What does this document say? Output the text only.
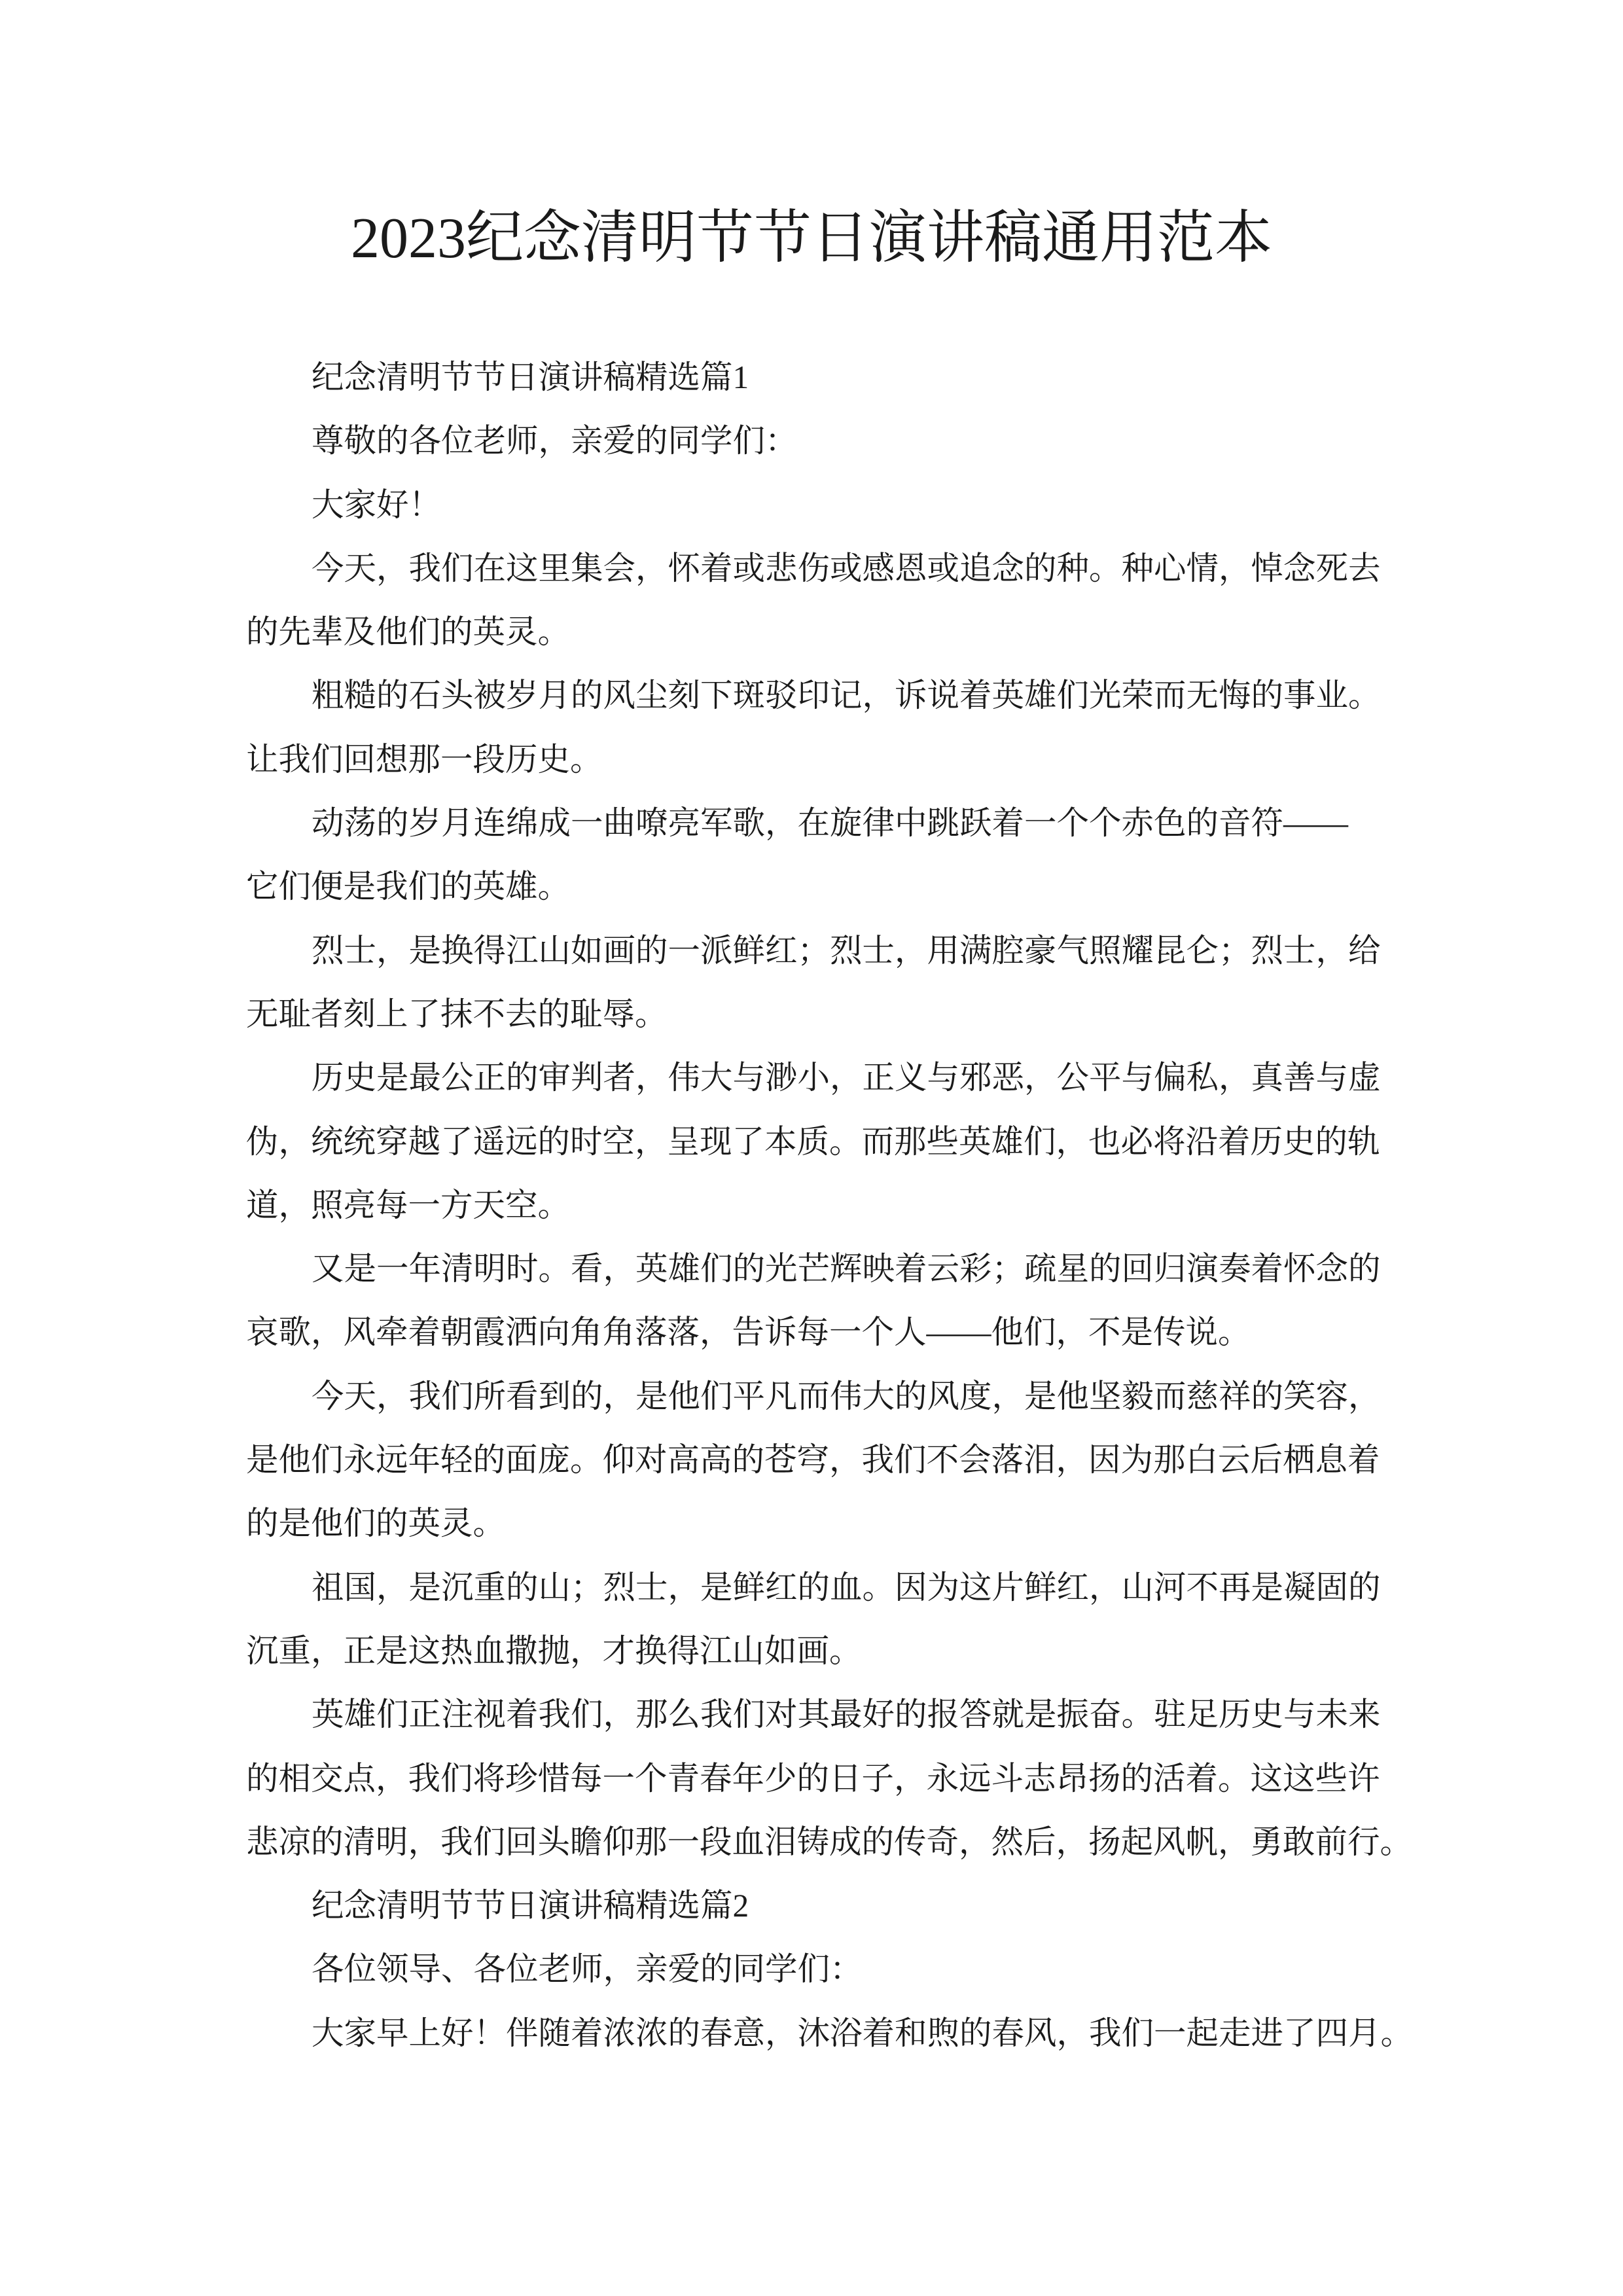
2023纪念清明节节日演讲稿通用范本
纪念清明节节日演讲稿精选篇1
尊敬的各位老师，亲爱的同学们：
大家好！
今天，我们在这里集会，怀着或悲伤或感恩或追念的种。种心情，悼念死去
的先辈及他们的英灵。
粗糙的石头被岁月的风尘刻下斑驳印记，诉说着英雄们光荣而无悔的事业。
让我们回想那一段历史。
动荡的岁月连绵成一曲嘹亮军歌，在旋律中跳跃着一个个赤色的音符——
它们便是我们的英雄。
烈士，是换得江山如画的一派鲜红；烈士，用满腔豪气照耀昆仑；烈士，给
无耻者刻上了抹不去的耻辱。
历史是最公正的审判者，伟大与渺小，正义与邪恶，公平与偏私，真善与虚
伪，统统穿越了遥远的时空，呈现了本质。而那些英雄们，也必将沿着历史的轨
道，照亮每一方天空。
又是一年清明时。看，英雄们的光芒辉映着云彩；疏星的回归演奏着怀念的
哀歌，风牵着朝霞洒向角角落落，告诉每一个人——他们，不是传说。
今天，我们所看到的，是他们平凡而伟大的风度，是他坚毅而慈祥的笑容，
是他们永远年轻的面庞。仰对高高的苍穹，我们不会落泪，因为那白云后栖息着
的是他们的英灵。
祖国，是沉重的山；烈士，是鲜红的血。因为这片鲜红，山河不再是凝固的
沉重，正是这热血撒抛，才换得江山如画。
英雄们正注视着我们，那么我们对其最好的报答就是振奋。驻足历史与未来
的相交点，我们将珍惜每一个青春年少的日子，永远斗志昂扬的活着。这这些许
悲凉的清明，我们回头瞻仰那一段血泪铸成的传奇，然后，扬起风帆，勇敢前行。
纪念清明节节日演讲稿精选篇2
各位领导、各位老师，亲爱的同学们：
大家早上好！伴随着浓浓的春意，沐浴着和煦的春风，我们一起走进了四月。
